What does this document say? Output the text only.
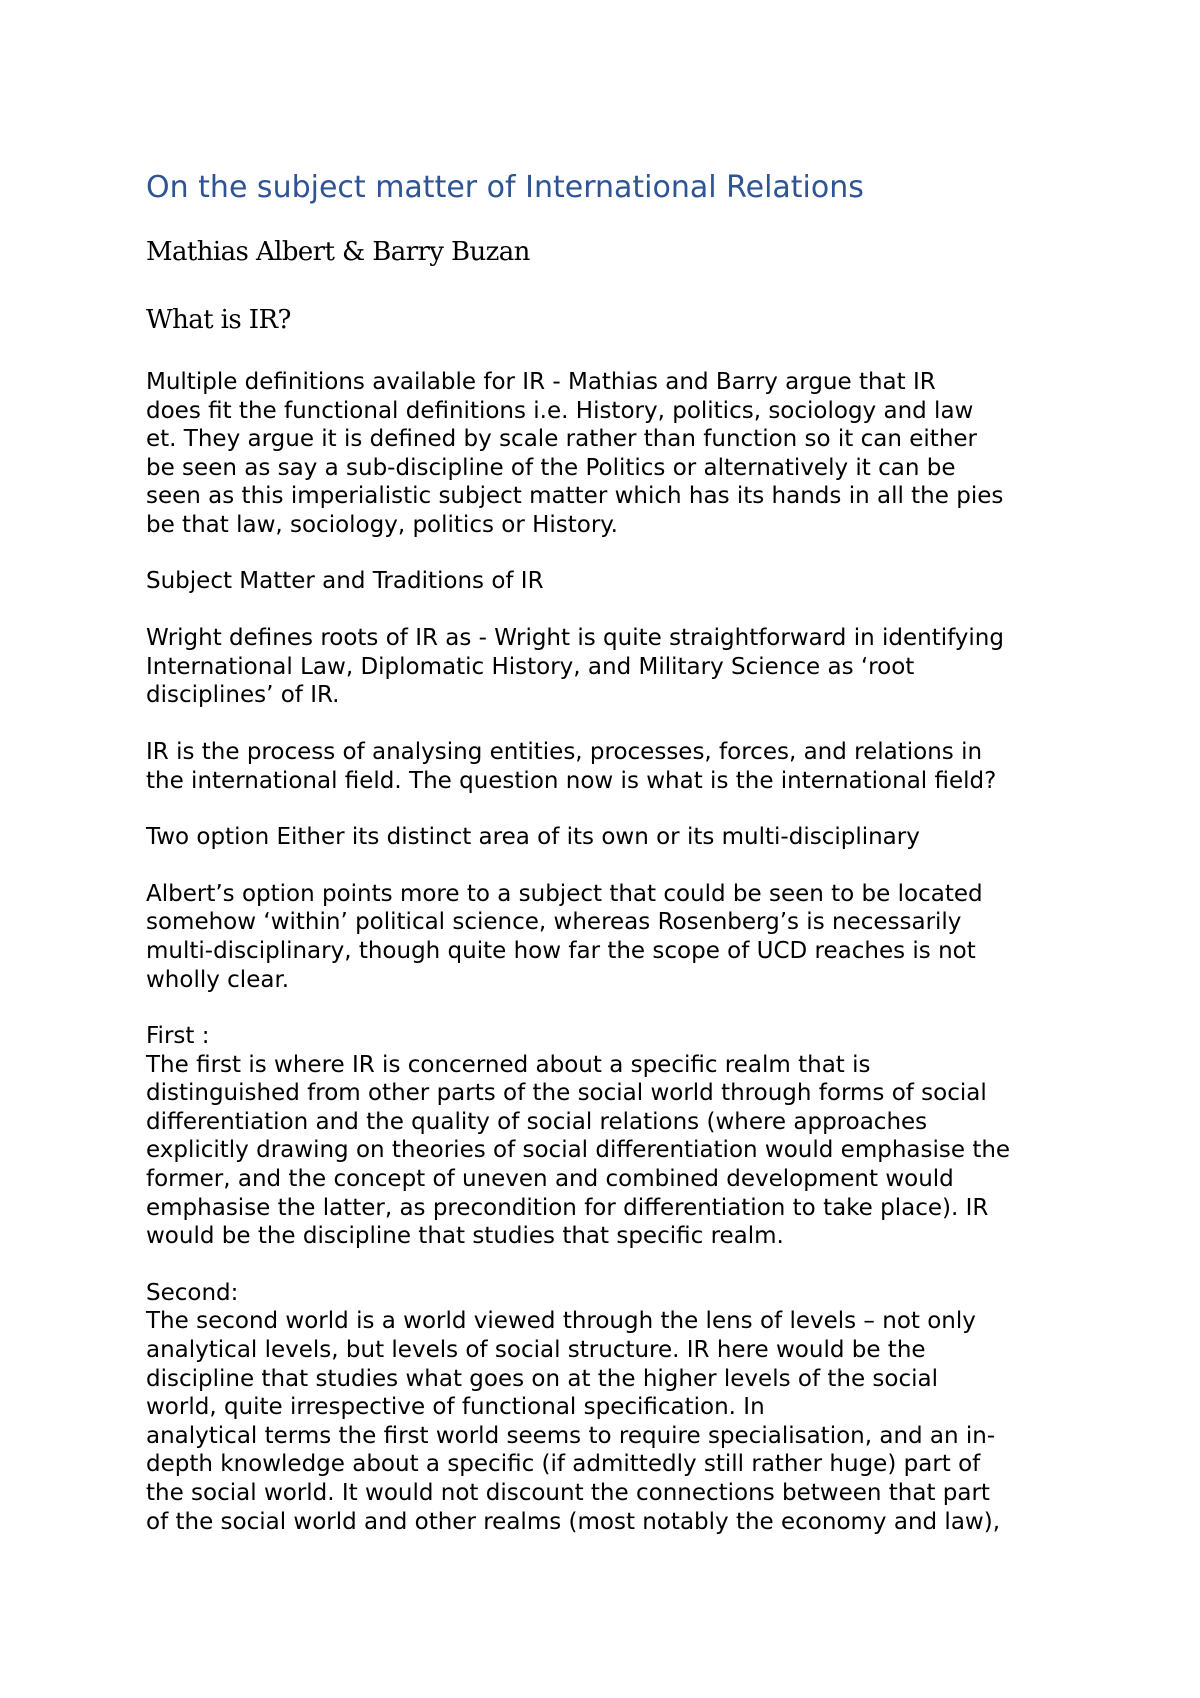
On the subject matter of International Relations

Mathias Albert & Barry Buzan

What is IR?

Multiple definitions available for IR - Mathias and Barry argue that IR
does fit the functional definitions i.e. History, politics, sociology and law
et. They argue it is defined by scale rather than function so it can either
be seen as say a sub-discipline of the Politics or alternatively it can be
seen as this imperialistic subject matter which has its hands in all the pies
be that law, sociology, politics or History.

Subject Matter and Traditions of IR

Wright defines roots of IR as - Wright is quite straightforward in identifying
International Law, Diplomatic History, and Military Science as ‘root
disciplines’ of IR.

IR is the process of analysing entities, processes, forces, and relations in
the international field. The question now is what is the international field?

Two option Either its distinct area of its own or its multi-disciplinary

Albert’s option points more to a subject that could be seen to be located
somehow ‘within’ political science, whereas Rosenberg’s is necessarily
multi-disciplinary, though quite how far the scope of UCD reaches is not
wholly clear.

First :
The first is where IR is concerned about a specific realm that is
distinguished from other parts of the social world through forms of social
differentiation and the quality of social relations (where approaches
explicitly drawing on theories of social differentiation would emphasise the
former, and the concept of uneven and combined development would
emphasise the latter, as precondition for differentiation to take place). IR
would be the discipline that studies that specific realm.

Second:
The second world is a world viewed through the lens of levels – not only
analytical levels, but levels of social structure. IR here would be the
discipline that studies what goes on at the higher levels of the social
world, quite irrespective of functional specification. In
analytical terms the first world seems to require specialisation, and an in-
depth knowledge about a specific (if admittedly still rather huge) part of
the social world. It would not discount the connections between that part
of the social world and other realms (most notably the economy and law),
